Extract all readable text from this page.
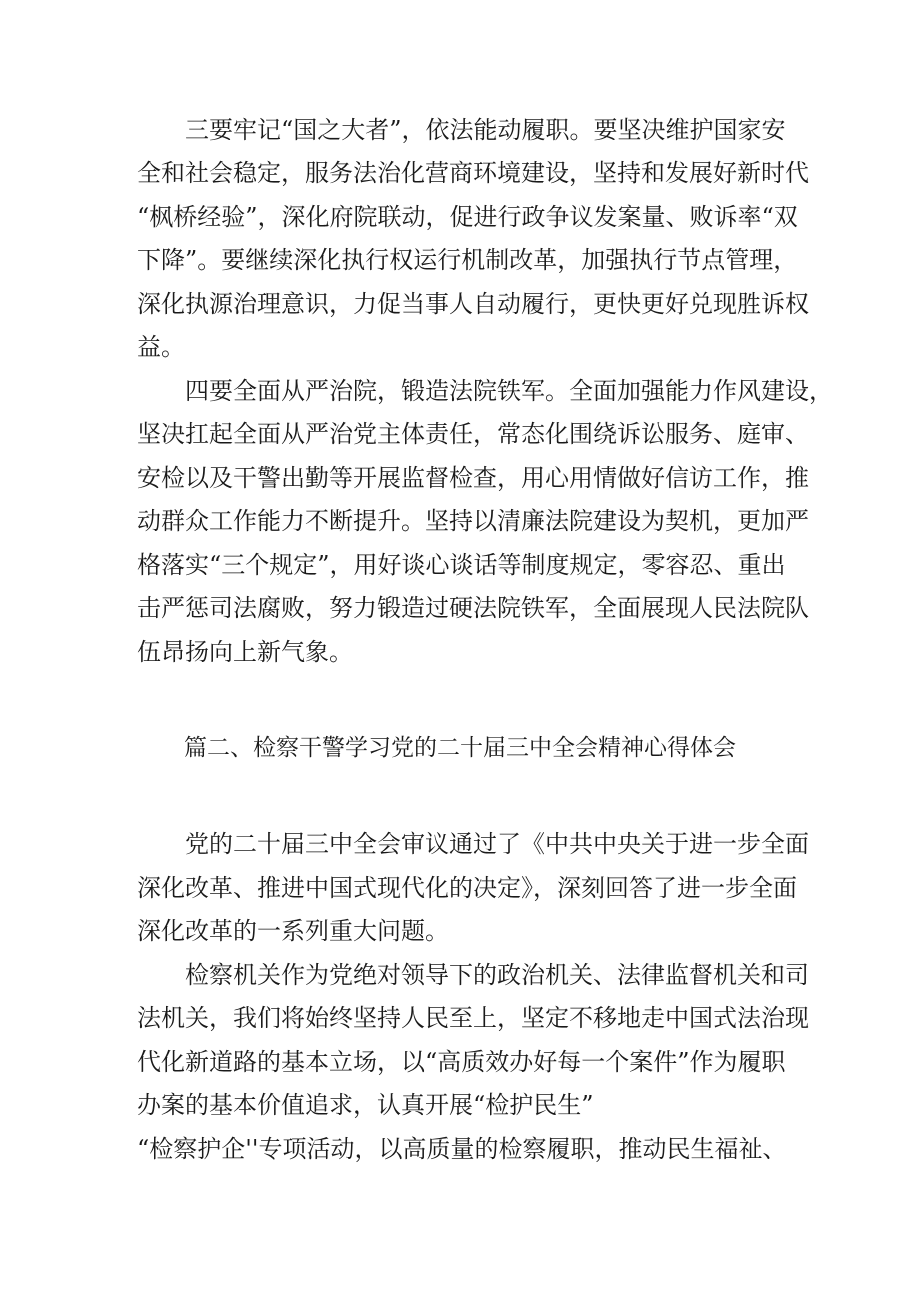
三要牢记“国之大者”，依法能动履职。要坚决维护国家安
全和社会稳定，服务法治化营商环境建设，坚持和发展好新时代
“枫桥经验”，深化府院联动，促进行政争议发案量、败诉率“双
下降”。要继续深化执行权运行机制改革，加强执行节点管理，
深化执源治理意识，力促当事人自动履行，更快更好兑现胜诉权
益。
四要全面从严治院，锻造法院铁军。全面加强能力作风建设，
坚决扛起全面从严治党主体责任，常态化围绕诉讼服务、庭审、
安检以及干警出勤等开展监督检查，用心用情做好信访工作，推
动群众工作能力不断提升。坚持以清廉法院建设为契机，更加严
格落实“三个规定”，用好谈心谈话等制度规定，零容忍、重出
击严惩司法腐败，努力锻造过硬法院铁军，全面展现人民法院队
伍昂扬向上新气象。
篇二、检察干警学习党的二十届三中全会精神心得体会
党的二十届三中全会审议通过了《中共中央关于进一步全面
深化改革、推进中国式现代化的决定》，深刻回答了进一步全面
深化改革的一系列重大问题。
检察机关作为党绝对领导下的政治机关、法律监督机关和司
法机关，我们将始终坚持人民至上，坚定不移地走中国式法治现
代化新道路的基本立场，以“高质效办好每一个案件”作为履职
办案的基本价值追求，认真开展“检护民生”
“检察护企''专项活动，以高质量的检察履职，推动民生福祉、
